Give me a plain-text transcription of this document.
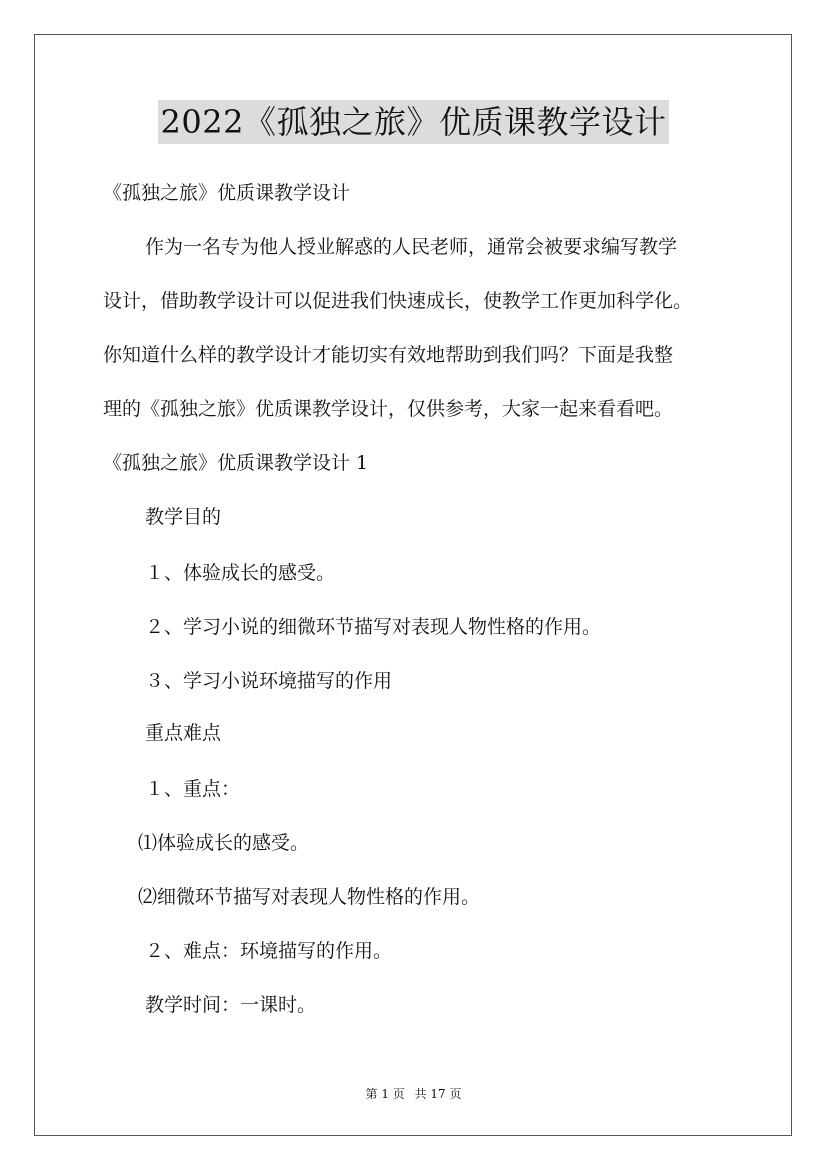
2022《孤独之旅》优质课教学设计

《孤独之旅》优质课教学设计

作为一名专为他人授业解惑的人民老师，通常会被要求编写教学

设计，借助教学设计可以促进我们快速成长，使教学工作更加科学化。

你知道什么样的教学设计才能切实有效地帮助到我们吗？下面是我整

理的《孤独之旅》优质课教学设计，仅供参考，大家一起来看看吧。

《孤独之旅》优质课教学设计 1

教学目的

１、体验成长的感受。

２、学习小说的细微环节描写对表现人物性格的作用。

３、学习小说环境描写的作用

重点难点

１、重点：

⑴体验成长的感受。

⑵细微环节描写对表现人物性格的作用。

２、难点：环境描写的作用。

教学时间：一课时。

第 1 页 共 17 页
